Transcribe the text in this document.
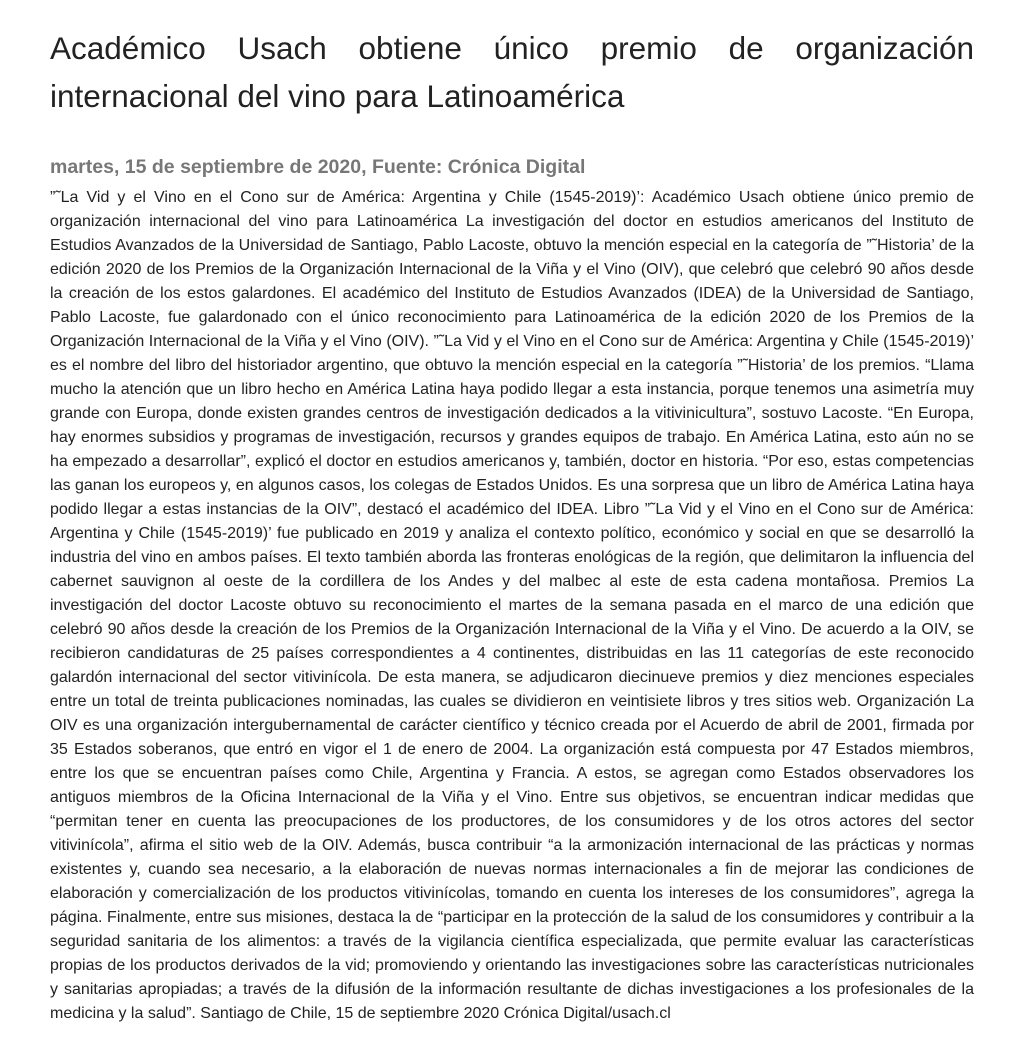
Académico Usach obtiene único premio de organización internacional del vino para Latinoamérica
martes, 15 de septiembre de 2020, Fuente: Crónica Digital

”˜La Vid y el Vino en el Cono sur de América: Argentina y Chile (1545-2019)’: Académico Usach obtiene único premio de organización internacional del vino para Latinoamérica La investigación del doctor en estudios americanos del Instituto de Estudios Avanzados de la Universidad de Santiago, Pablo Lacoste, obtuvo la mención especial en la categoría de ”˜Historia’ de la edición 2020 de los Premios de la Organización Internacional de la Viña y el Vino (OIV), que celebró que celebró 90 años desde la creación de los estos galardones. El académico del Instituto de Estudios Avanzados (IDEA) de la Universidad de Santiago, Pablo Lacoste, fue galardonado con el único reconocimiento para Latinoamérica de la edición 2020 de los Premios de la Organización Internacional de la Viña y el Vino (OIV). ”˜La Vid y el Vino en el Cono sur de América: Argentina y Chile (1545-2019)’ es el nombre del libro del historiador argentino, que obtuvo la mención especial en la categoría ”˜Historia’ de los premios. “Llama mucho la atención que un libro hecho en América Latina haya podido llegar a esta instancia, porque tenemos una asimetría muy grande con Europa, donde existen grandes centros de investigación dedicados a la vitivinicultura”, sostuvo Lacoste. “En Europa, hay enormes subsidios y programas de investigación, recursos y grandes equipos de trabajo. En América Latina, esto aún no se ha empezado a desarrollar”, explicó el doctor en estudios americanos y, también, doctor en historia. “Por eso, estas competencias las ganan los europeos y, en algunos casos, los colegas de Estados Unidos. Es una sorpresa que un libro de América Latina haya podido llegar a estas instancias de la OIV”, destacó el académico del IDEA. Libro ”˜La Vid y el Vino en el Cono sur de América: Argentina y Chile (1545-2019)’ fue publicado en 2019 y analiza el contexto político, económico y social en que se desarrolló la industria del vino en ambos países. El texto también aborda las fronteras enológicas de la región, que delimitaron la influencia del cabernet sauvignon al oeste de la cordillera de los Andes y del malbec al este de esta cadena montañosa. Premios La investigación del doctor Lacoste obtuvo su reconocimiento el martes de la semana pasada en el marco de una edición que celebró 90 años desde la creación de los Premios de la Organización Internacional de la Viña y el Vino. De acuerdo a la OIV, se recibieron candidaturas de 25 países correspondientes a 4 continentes, distribuidas en las 11 categorías de este reconocido galardón internacional del sector vitivinícola. De esta manera, se adjudicaron diecinueve premios y diez menciones especiales entre un total de treinta publicaciones nominadas, las cuales se dividieron en veintisiete libros y tres sitios web. Organización La OIV es una organización intergubernamental de carácter científico y técnico creada por el Acuerdo de abril de 2001, firmada por 35 Estados soberanos, que entró en vigor el 1 de enero de 2004. La organización está compuesta por 47 Estados miembros, entre los que se encuentran países como Chile, Argentina y Francia. A estos, se agregan como Estados observadores los antiguos miembros de la Oficina Internacional de la Viña y el Vino. Entre sus objetivos, se encuentran indicar medidas que “permitan tener en cuenta las preocupaciones de los productores, de los consumidores y de los otros actores del sector vitivinícola”, afirma el sitio web de la OIV. Además, busca contribuir “a la armonización internacional de las prácticas y normas existentes y, cuando sea necesario, a la elaboración de nuevas normas internacionales a fin de mejorar las condiciones de elaboración y comercialización de los productos vitivinícolas, tomando en cuenta los intereses de los consumidores”, agrega la página. Finalmente, entre sus misiones, destaca la de “participar en la protección de la salud de los consumidores y contribuir a la seguridad sanitaria de los alimentos: a través de la vigilancia científica especializada, que permite evaluar las características propias de los productos derivados de la vid; promoviendo y orientando las investigaciones sobre las características nutricionales y sanitarias apropiadas; a través de la difusión de la información resultante de dichas investigaciones a los profesionales de la medicina y la salud”. Santiago de Chile, 15 de septiembre 2020 Crónica Digital/usach.cl
